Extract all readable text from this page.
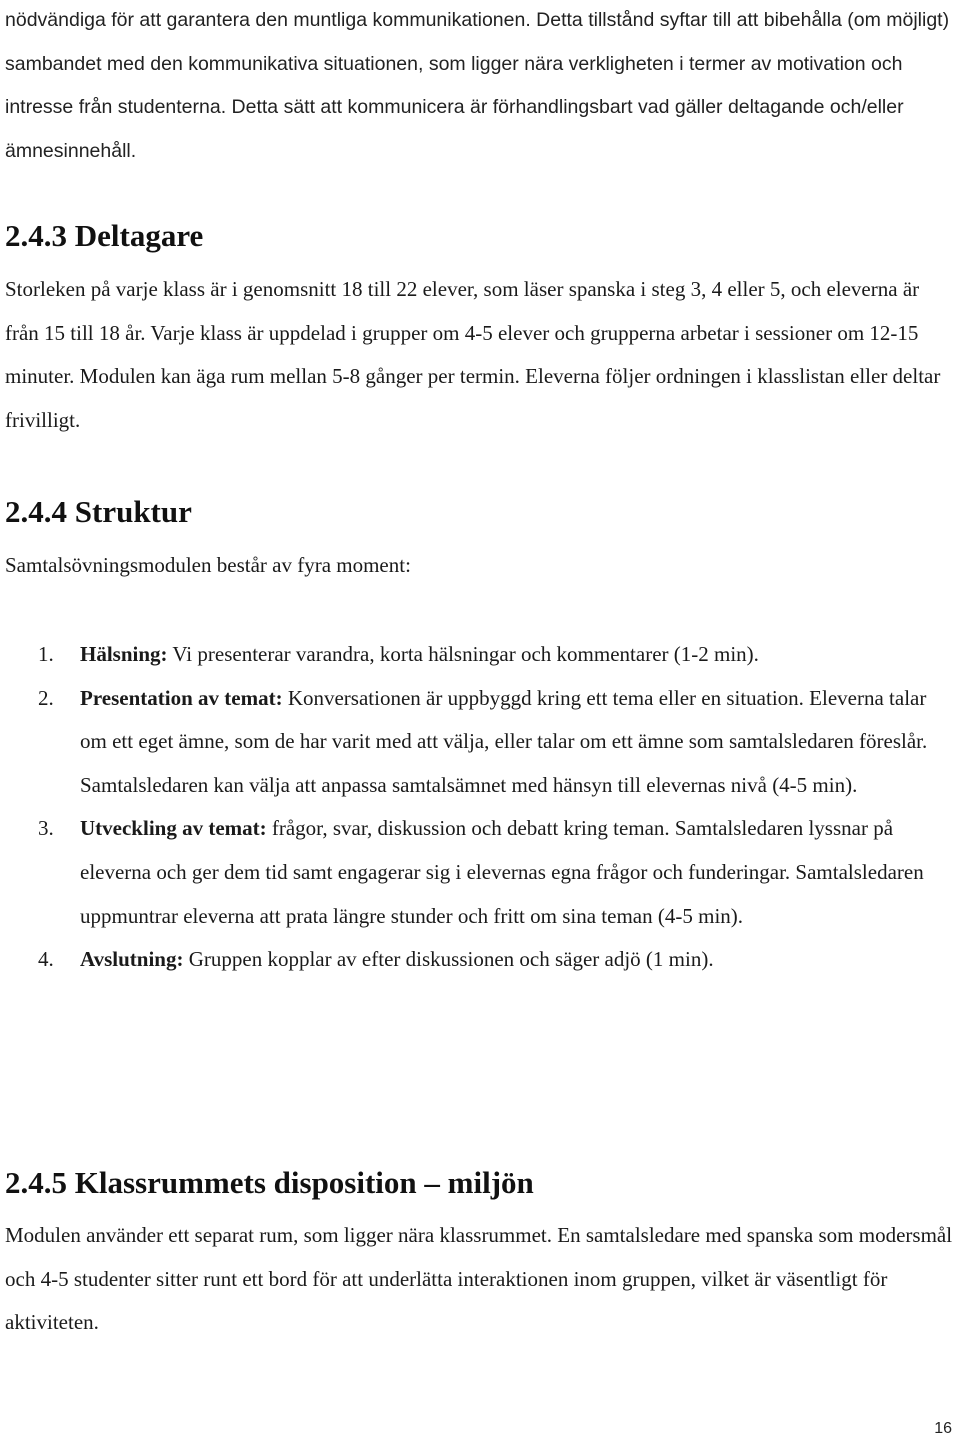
nödvändiga för att garantera den muntliga kommunikationen. Detta tillstånd syftar till att bibehålla (om möjligt) sambandet med den kommunikativa situationen, som ligger nära verkligheten i termer av motivation och intresse från studenterna. Detta sätt att kommunicera är förhandlingsbart vad gäller deltagande och/eller ämnesinnehåll.
2.4.3 Deltagare
Storleken på varje klass är i genomsnitt 18 till 22 elever, som läser spanska i steg 3, 4 eller 5, och eleverna är från 15 till 18 år. Varje klass är uppdelad i grupper om 4-5 elever och grupperna arbetar i sessioner om 12-15 minuter. Modulen kan äga rum mellan 5-8 gånger per termin. Eleverna följer ordningen i klasslistan eller deltar frivilligt.
2.4.4 Struktur
Samtalsövningsmodulen består av fyra moment:
1.	Hälsning: Vi presenterar varandra, korta hälsningar och kommentarer (1-2 min).

2.	Presentation av temat: Konversationen är uppbyggd kring ett tema eller en situation. Eleverna talar om ett eget ämne, som de har varit med att välja, eller talar om ett ämne som samtalsledaren föreslår.

Samtalsledaren kan välja att anpassa samtalsämnet med hänsyn till elevernas nivå (4-5 min).

3.	Utveckling av temat: frågor, svar, diskussion och debatt kring teman. Samtalsledaren lyssnar på eleverna och ger dem tid samt engagerar sig i elevernas egna frågor och funderingar. Samtalsledaren uppmuntrar eleverna att prata längre stunder och fritt om sina teman (4-5 min).

4.	Avslutning: Gruppen kopplar av efter diskussionen och säger adjö (1 min).

2.4.5 Klassrummets disposition – miljön
Modulen använder ett separat rum, som ligger nära klassrummet. En samtalsledare med spanska som modersmål och 4-5 studenter sitter runt ett bord för att underlätta interaktionen inom gruppen, vilket är väsentligt för aktiviteten.
16
